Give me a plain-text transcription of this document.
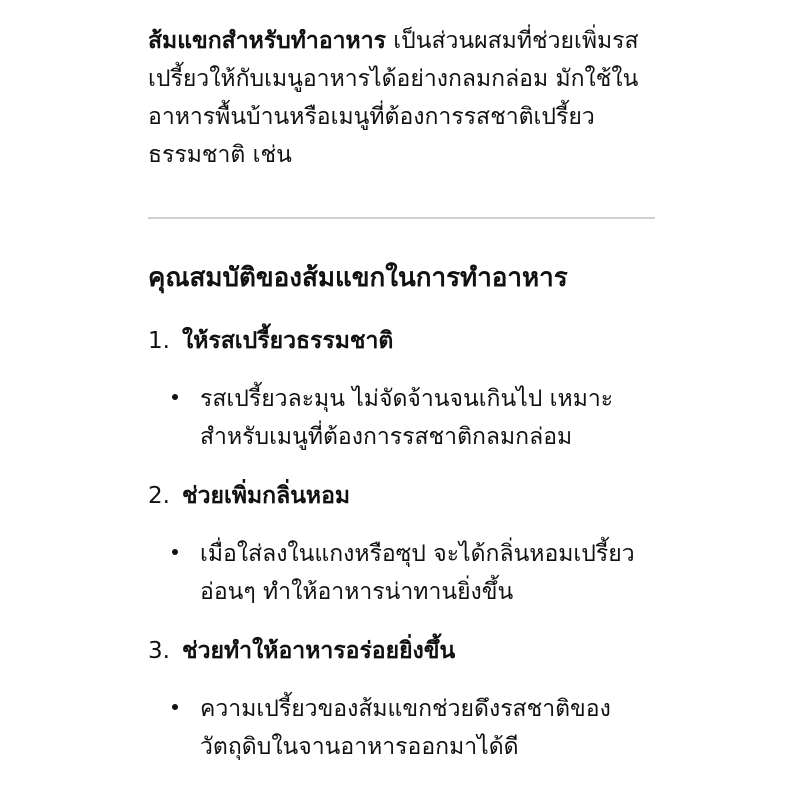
ส้มแขกสำหรับทำอาหาร เป็นส่วนผสมที่ช่วยเพิ่มรสเปรี้ยวให้กับเมนูอาหารได้อย่างกลมกล่อม มักใช้ในอาหารพื้นบ้านหรือเมนูที่ต้องการรสชาติเปรี้ยวธรรมชาติ เช่น

คุณสมบัติของส้มแขกในการทำอาหาร
1. ให้รสเปรี้ยวธรรมชาติ
รสเปรี้ยวละมุน ไม่จัดจ้านจนเกินไป เหมาะสำหรับเมนูที่ต้องการรสชาติกลมกล่อม
2. ช่วยเพิ่มกลิ่นหอม
เมื่อใส่ลงในแกงหรือซุป จะได้กลิ่นหอมเปรี้ยวอ่อนๆ ทำให้อาหารน่าทานยิ่งขึ้น
3. ช่วยทำให้อาหารอร่อยยิ่งขึ้น
ความเปรี้ยวของส้มแขกช่วยดึงรสชาติของวัตถุดิบในจานอาหารออกมาได้ดี
